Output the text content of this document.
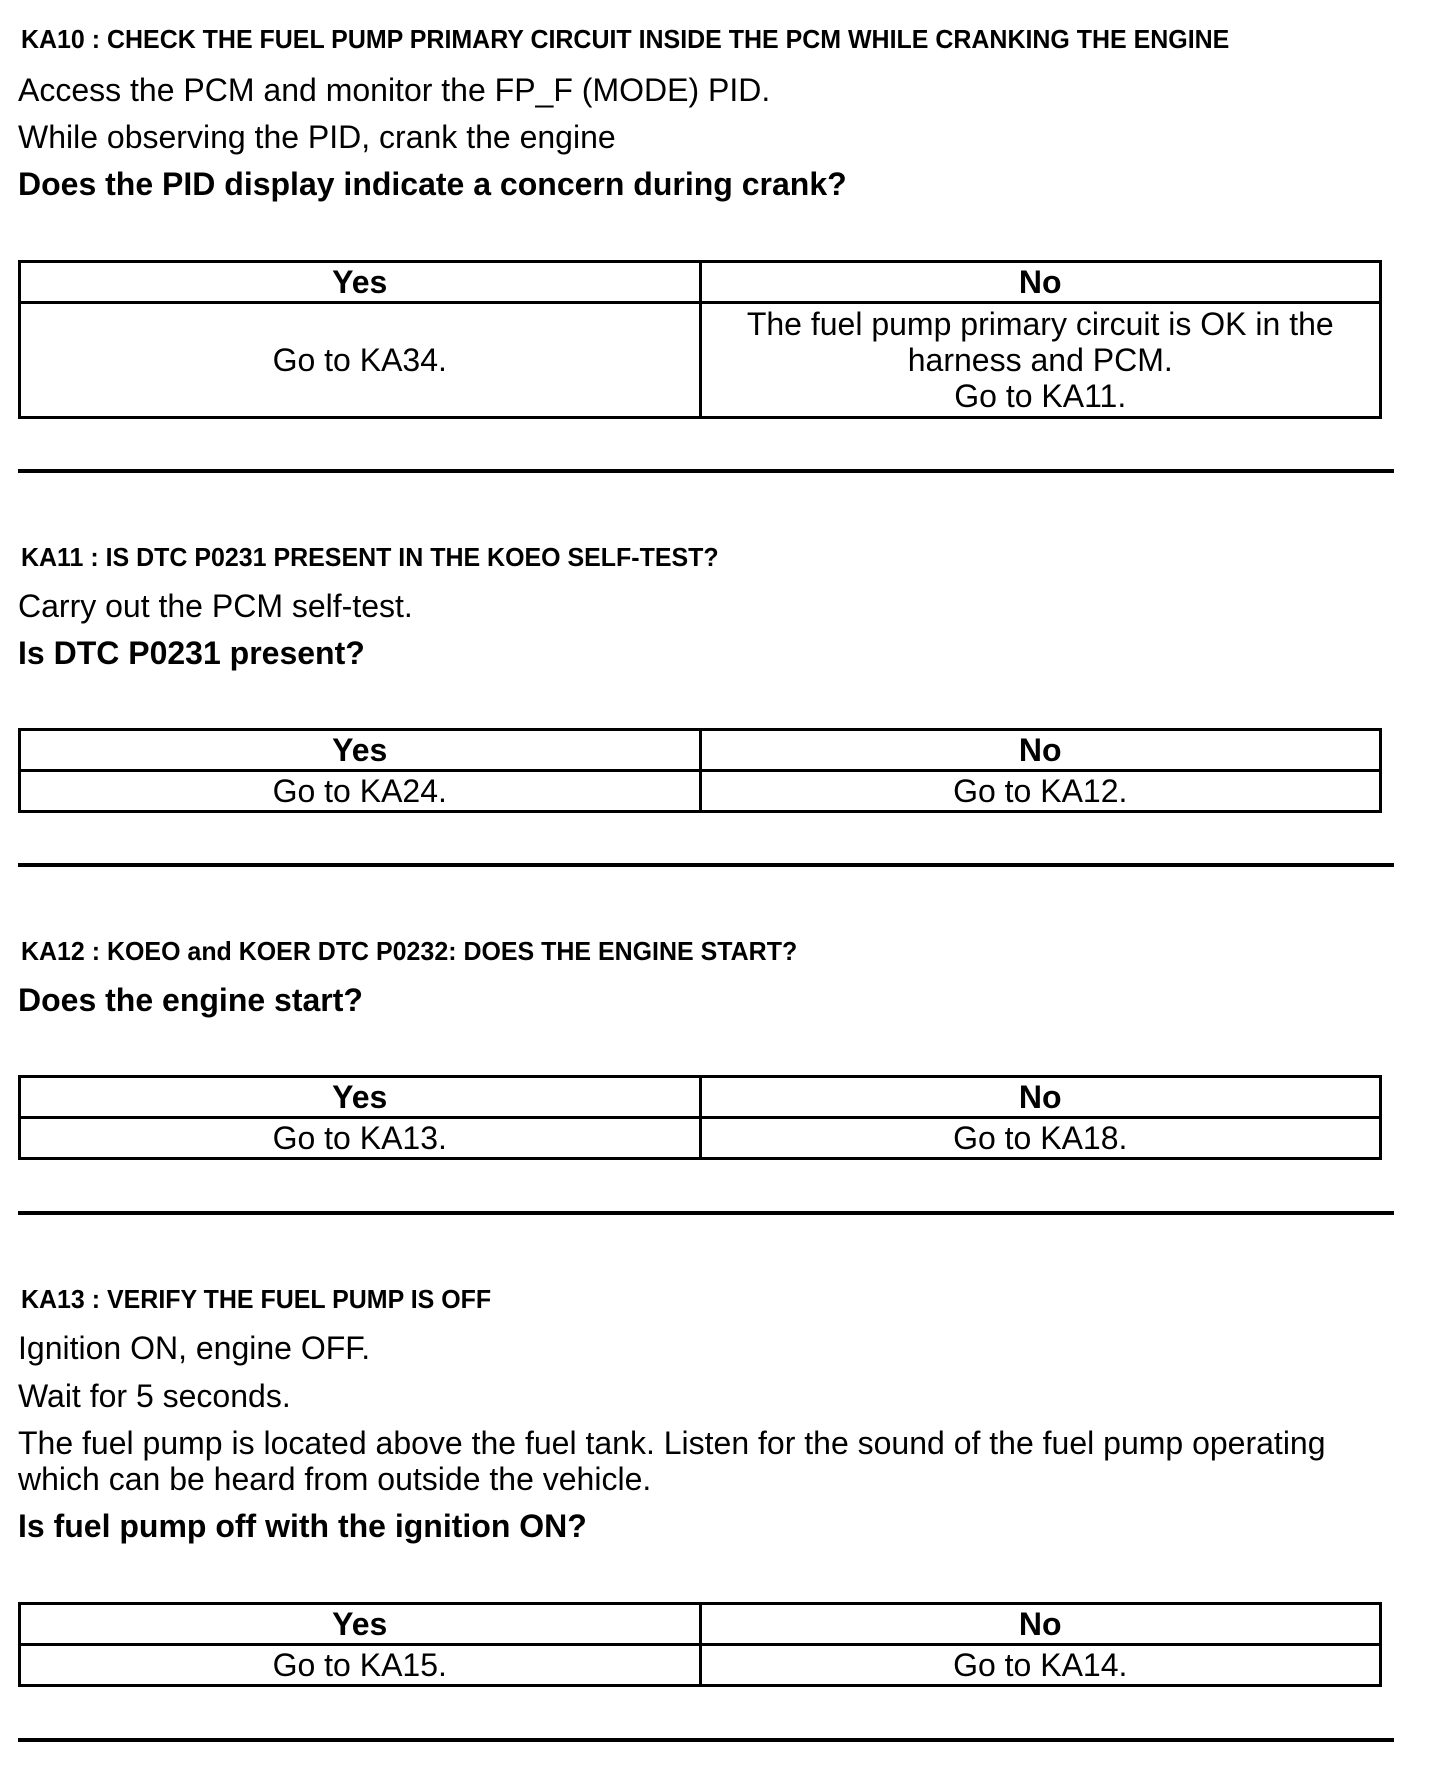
KA10 : CHECK THE FUEL PUMP PRIMARY CIRCUIT INSIDE THE PCM WHILE CRANKING THE ENGINE
Access the PCM and monitor the FP_F (MODE) PID.
While observing the PID, crank the engine
Does the PID display indicate a concern during crank?
Yes	No

Go to KA34.	The fuel pump primary circuit is OK in the
harness and PCM.
Go to KA11.
KA11 : IS DTC P0231 PRESENT IN THE KOEO SELF-TEST?
Carry out the PCM self-test.
Is DTC P0231 present?
Yes	No
Go to KA24.	Go to KA12.
KA12 : KOEO and KOER DTC P0232: DOES THE ENGINE START?
Does the engine start?
Yes	No
Go to KA13.	Go to KA18.
KA13 : VERIFY THE FUEL PUMP IS OFF
Ignition ON, engine OFF.
Wait for 5 seconds.
The fuel pump is located above the fuel tank. Listen for the sound of the fuel pump operating which can be heard from outside the vehicle.
Is fuel pump off with the ignition ON?
Yes	No
Go to KA15.	Go to KA14.
